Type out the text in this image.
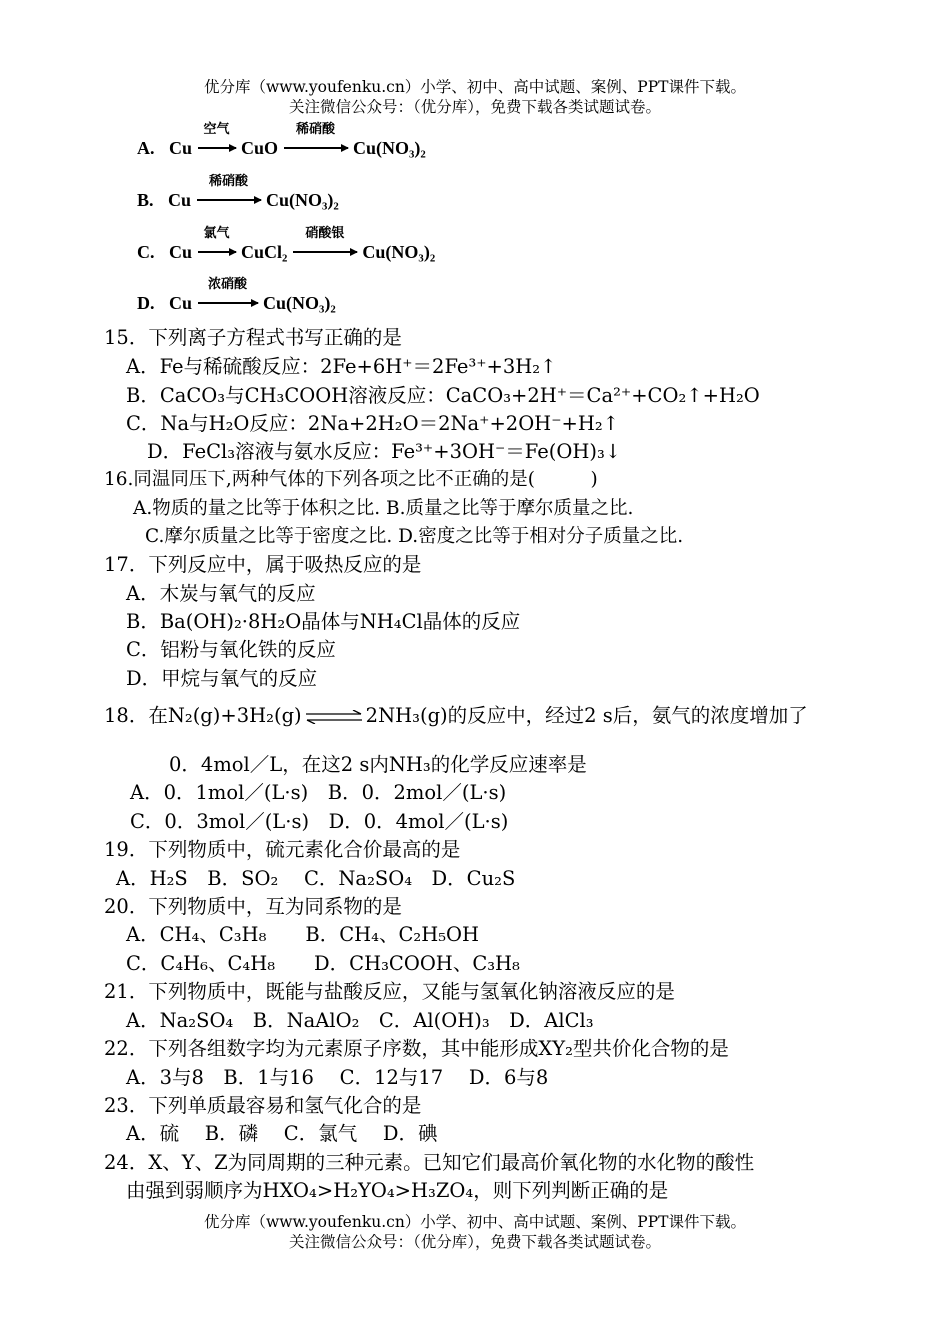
优分库（www.youfenku.cn）小学、初中、高中试题、案例、PPT课件下载。
关注微信公众号：（优分库），免费下载各类试题试卷。
A. Cu
空气
CuO
稀硝酸
Cu(NO₃)₂
B. Cu
稀硝酸
Cu(NO₃)₂
C. Cu
氯气
CuCl₂
硝酸银
Cu(NO₃)₂
D. Cu
浓硝酸
Cu(NO₃)₂
15．下列离子方程式书写正确的是
A．Fe与稀硫酸反应：2Fe+6H⁺＝2Fe³⁺+3H₂↑
B．CaCO₃与CH₃COOH溶液反应：CaCO₃+2H⁺＝Ca²⁺+CO₂↑+H₂O
C．Na与H₂O反应：2Na+2H₂O＝2Na⁺+2OH⁻+H₂↑
D．FeCl₃溶液与氨水反应：Fe³⁺+3OH⁻＝Fe(OH)₃↓
16.同温同压下,两种气体的下列各项之比不正确的是(　　　)
A.物质的量之比等于体积之比. B.质量之比等于摩尔质量之比.
C.摩尔质量之比等于密度之比. D.密度之比等于相对分子质量之比.
17．下列反应中，属于吸热反应的是
A．木炭与氧气的反应
B．Ba(OH)₂·8H₂O晶体与NH₄Cl晶体的反应
C．铝粉与氧化铁的反应
D．甲烷与氧气的反应
18．在N₂(g)+3H₂(g) ⇌ 2NH₃(g)的反应中，经过2 s后，氨气的浓度增加了
0．4mol／L，在这2 s内NH₃的化学反应速率是
A．0．1mol／(L·s)　B．0．2mol／(L·s)
C．0．3mol／(L·s)　D．0．4mol／(L·s)
19．下列物质中，硫元素化合价最高的是
A．H₂S　B．SO₂　 C．Na₂SO₄　D．Cu₂S
20．下列物质中，互为同系物的是
A．CH₄、C₃H₈　　B．CH₄、C₂H₅OH
C．C₄H₆、C₄H₈　　D．CH₃COOH、C₃H₈
21．下列物质中，既能与盐酸反应，又能与氢氧化钠溶液反应的是
A．Na₂SO₄　B．NaAlO₂　C．Al(OH)₃　D．AlCl₃
22．下列各组数字均为元素原子序数，其中能形成XY₂型共价化合物的是
A．3与8　B．1与16　 C．12与17　 D．6与8
23．下列单质最容易和氢气化合的是
A．硫　 B．磷　 C．氯气　 D．碘
24．X、Y、Z为同周期的三种元素。已知它们最高价氧化物的水化物的酸性
由强到弱顺序为HXO₄>H₂YO₄>H₃ZO₄，则下列判断正确的是
优分库（www.youfenku.cn）小学、初中、高中试题、案例、PPT课件下载。
关注微信公众号：（优分库），免费下载各类试题试卷。
